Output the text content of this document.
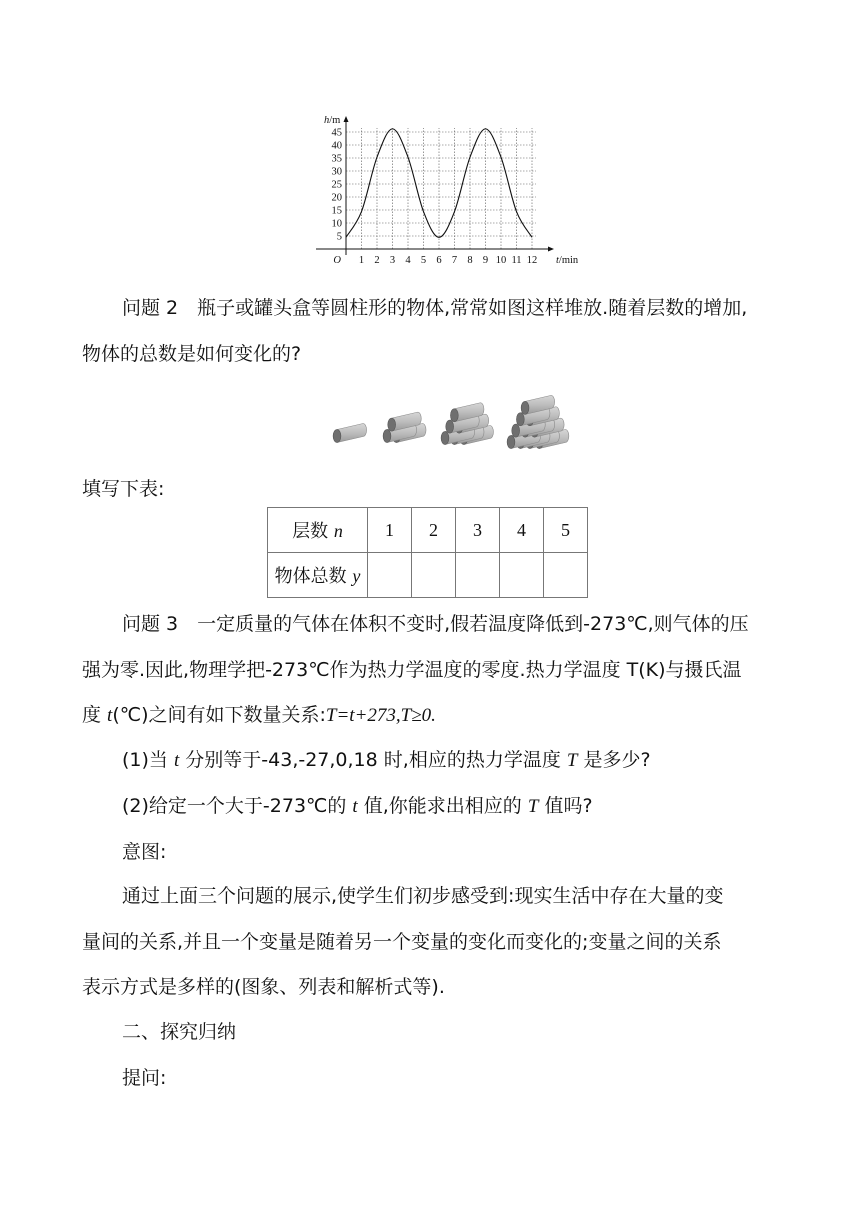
5
10
15
20
25
30
35
40
45
1 2 3 4 5 6 7 8 9 10 11 12
O
h/m
t/min
问题 2　瓶子或罐头盒等圆柱形的物体,常常如图这样堆放.随着层数的增加,
物体的总数是如何变化的?
填写下表:
层数 n	1	2	3	4	5
物体总数 y					
问题 3　一定质量的气体在体积不变时,假若温度降低到-273℃,则气体的压
强为零.因此,物理学把-273℃作为热力学温度的零度.热力学温度 T(K)与摄氏温
度 t(℃)之间有如下数量关系:T=t+273,T≥0.
(1)当 t 分别等于-43,-27,0,18 时,相应的热力学温度 T 是多少?
(2)给定一个大于-273℃的 t 值,你能求出相应的 T 值吗?
意图:
通过上面三个问题的展示,使学生们初步感受到:现实生活中存在大量的变
量间的关系,并且一个变量是随着另一个变量的变化而变化的;变量之间的关系
表示方式是多样的(图象、列表和解析式等).
二、探究归纳
提问:
